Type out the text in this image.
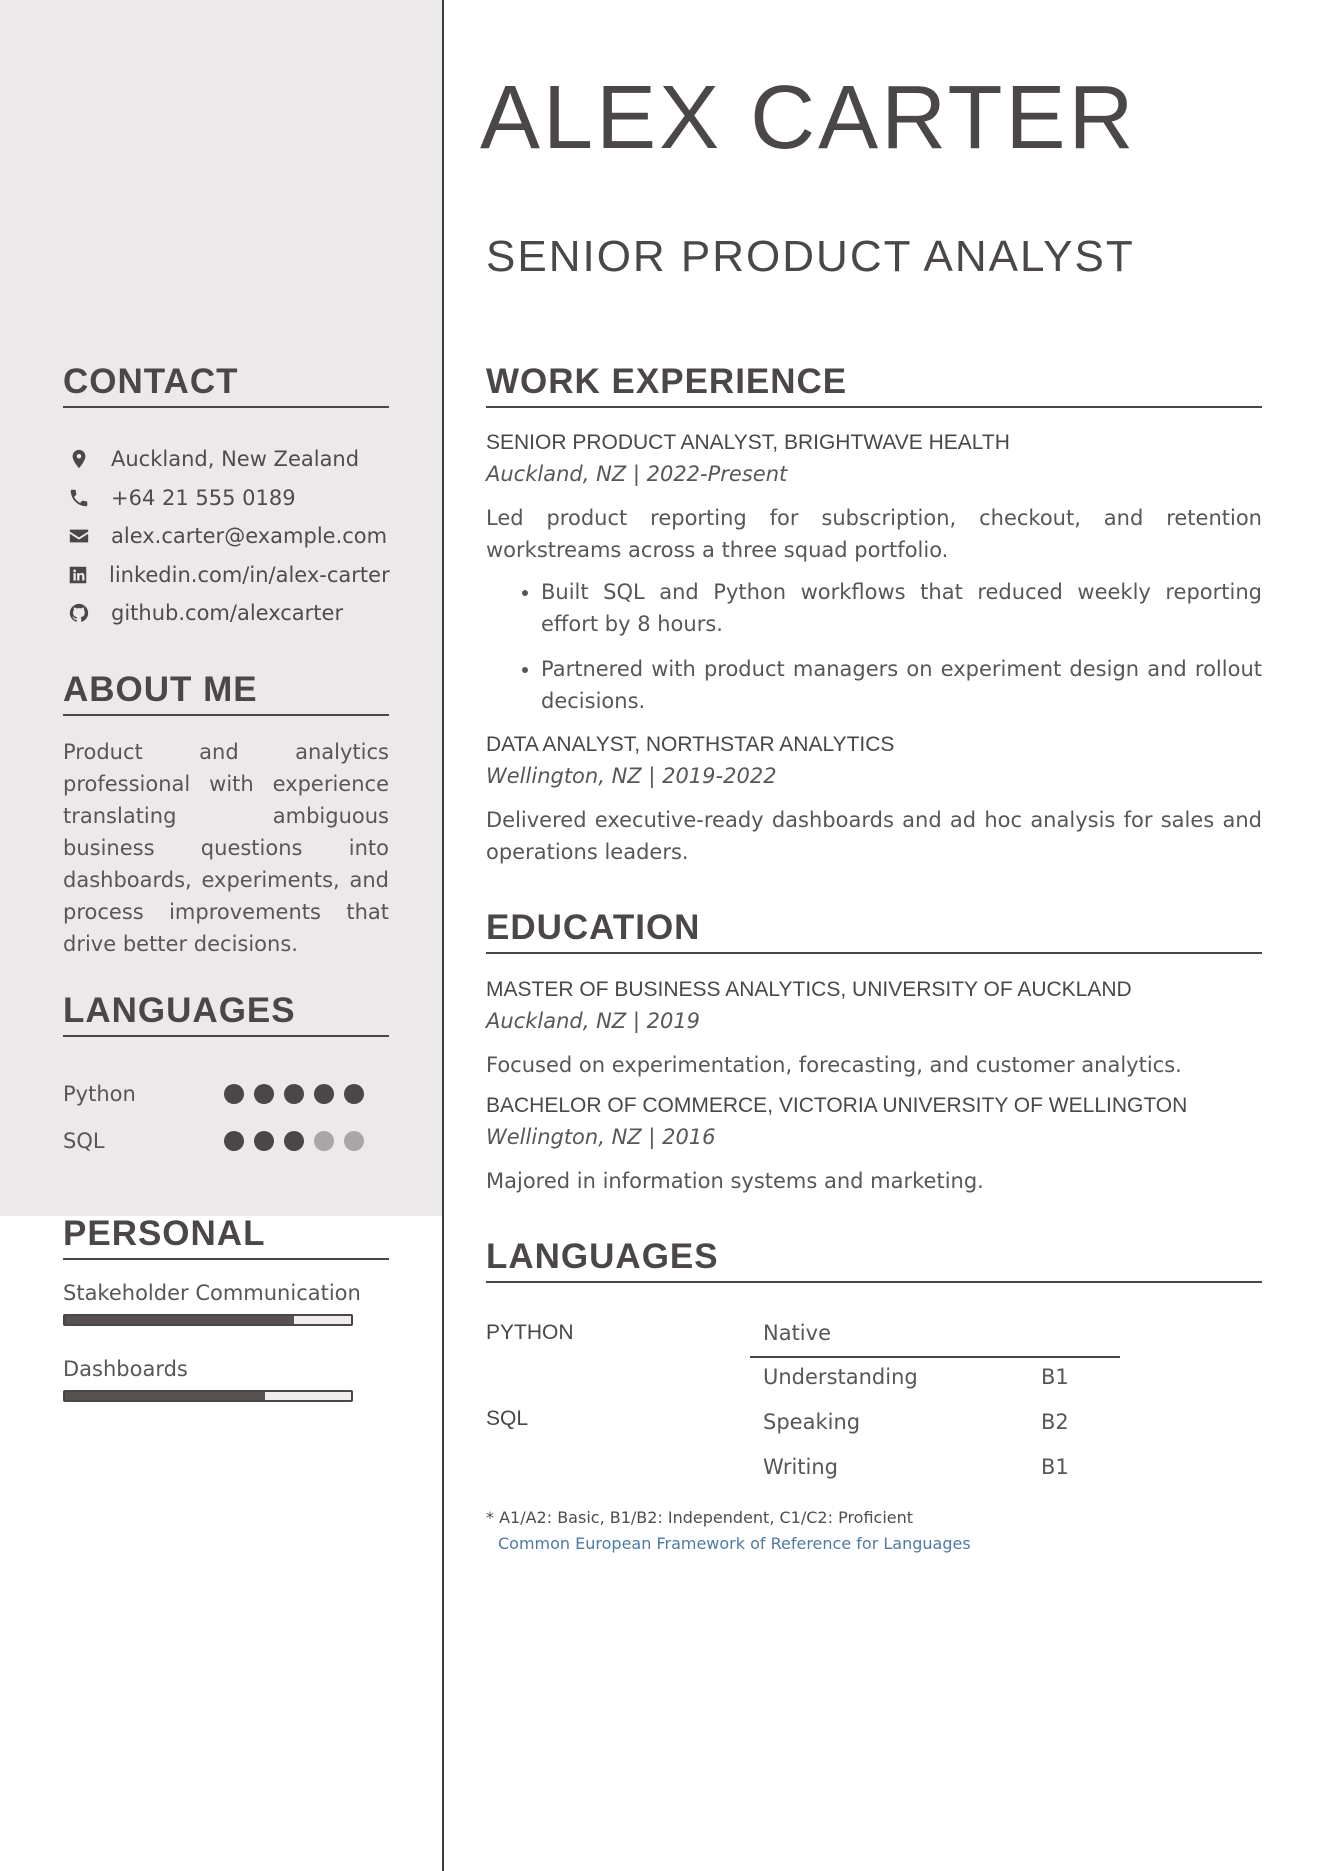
CONTACT
Auckland, New Zealand
+64 21 555 0189
alex.carter@example.com
linkedin.com/in/alex-carter
github.com/alexcarter
ABOUT ME
Product and analytics professional with experience translating ambiguous business questions into dashboards, experiments, and process improvements that drive better decisions.
LANGUAGES
Python
SQL
PERSONAL
Stakeholder Communication
Dashboards
ALEX CARTER
SENIOR PRODUCT ANALYST
WORK EXPERIENCE
SENIOR PRODUCT ANALYST, BRIGHTWAVE HEALTH
Auckland, NZ | 2022-Present
Led product reporting for subscription, checkout, and retention workstreams across a three squad portfolio.
• Built SQL and Python workflows that reduced weekly reporting effort by 8 hours.
• Partnered with product managers on experiment design and rollout decisions.
DATA ANALYST, NORTHSTAR ANALYTICS
Wellington, NZ | 2019-2022
Delivered executive-ready dashboards and ad hoc analysis for sales and operations leaders.
EDUCATION
MASTER OF BUSINESS ANALYTICS, UNIVERSITY OF AUCKLAND
Auckland, NZ | 2019
Focused on experimentation, forecasting, and customer analytics.
BACHELOR OF COMMERCE, VICTORIA UNIVERSITY OF WELLINGTON
Wellington, NZ | 2016
Majored in information systems and marketing.
LANGUAGES
PYTHON	Native
SQL
Understanding	B1
Speaking	B2
Writing	B1
* A1/A2: Basic, B1/B2: Independent, C1/C2: Proficient
Common European Framework of Reference for Languages
